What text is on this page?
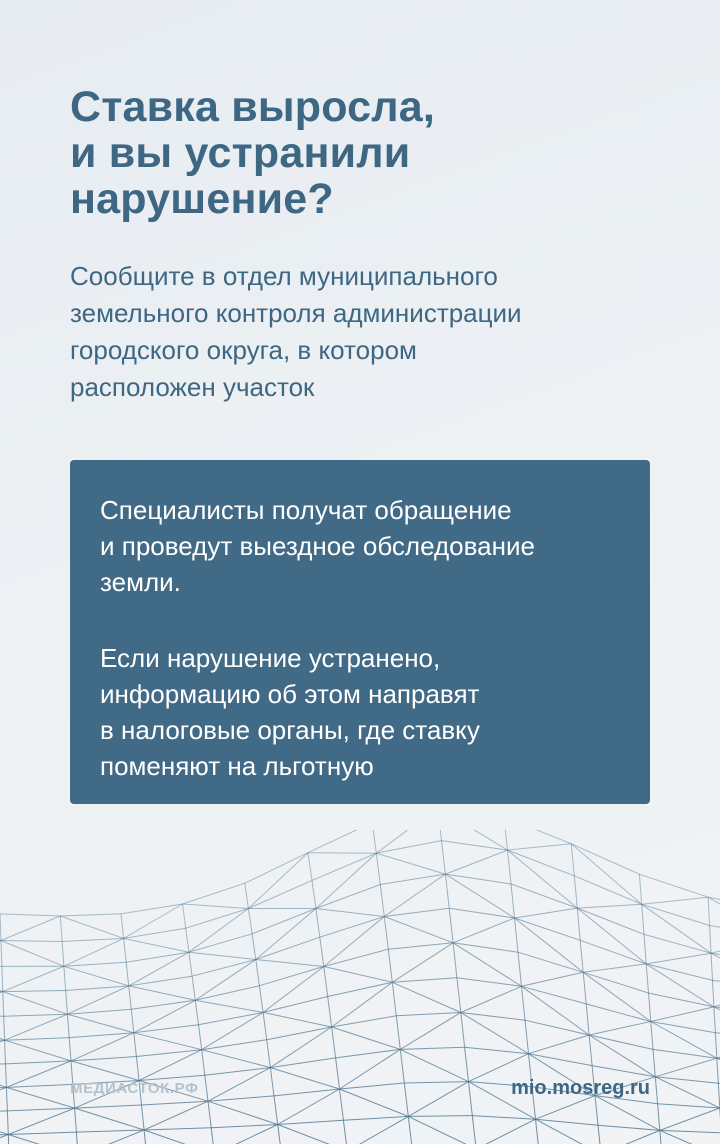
Ставка выросла,
и вы устранили
нарушение?
Сообщите в отдел муниципального
земельного контроля администрации
городского округа, в котором
расположен участок

Специалисты получат обращение
и проведут выездное обследование
земли.

Если нарушение устранено,
информацию об этом направят
в налоговые органы, где ставку
поменяют на льготную

МЕДИАСТОК.РФ	mio.mosreg.ru
